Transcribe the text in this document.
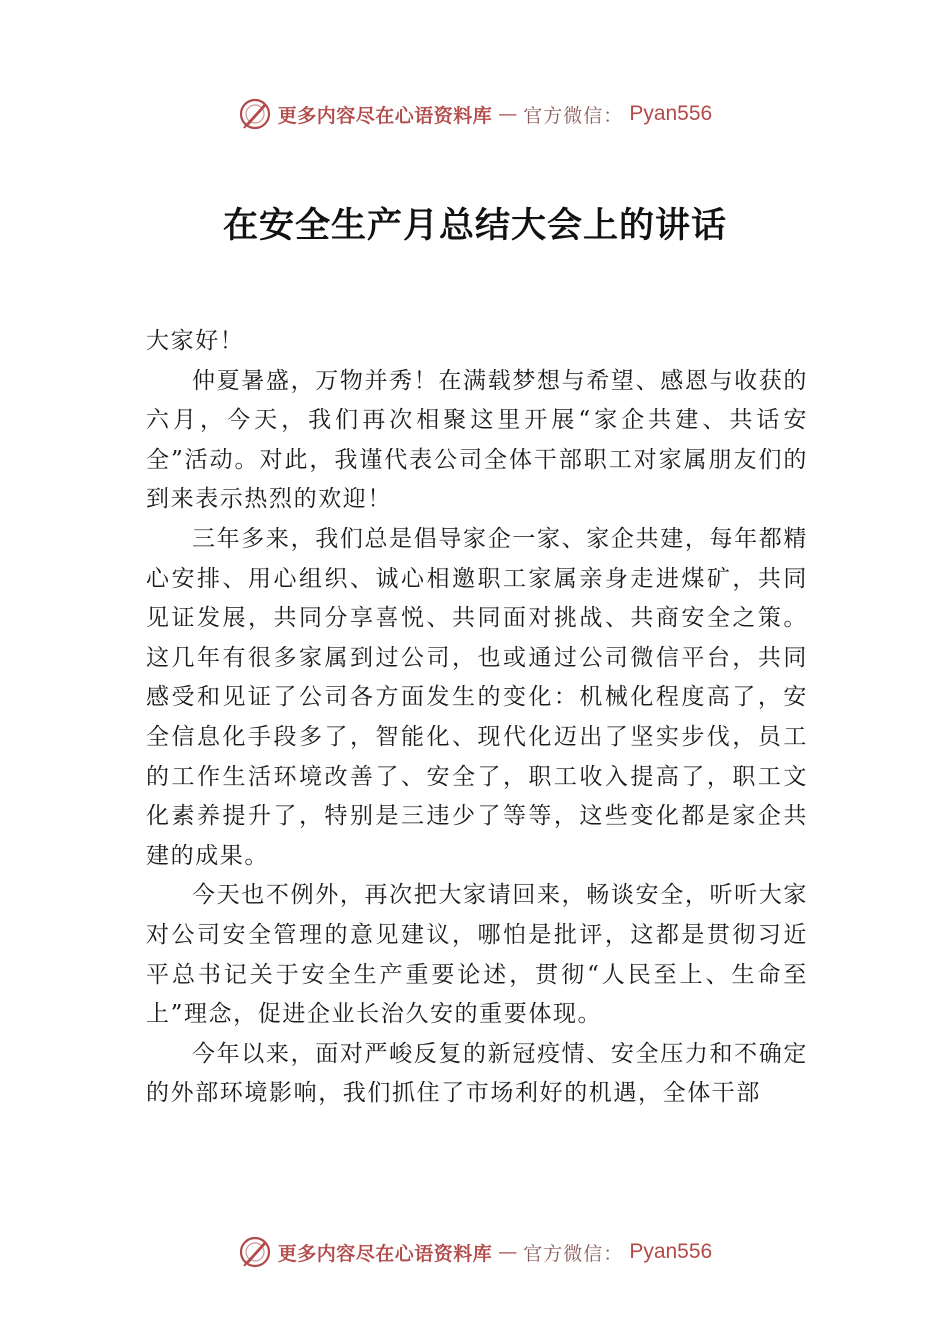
更多内容尽在心语资料库 — 官方微信： Pyan556
在安全生产月总结大会上的讲话

大家好！

仲夏暑盛，万物并秀！在满载梦想与希望、感恩与收获的六月，今天，我们再次相聚这里开展“家企共建、共话安全”活动。对此，我谨代表公司全体干部职工对家属朋友们的到来表示热烈的欢迎！

三年多来，我们总是倡导家企一家、家企共建，每年都精心安排、用心组织、诚心相邀职工家属亲身走进煤矿，共同见证发展，共同分享喜悦、共同面对挑战、共商安全之策。这几年有很多家属到过公司，也或通过公司微信平台，共同感受和见证了公司各方面发生的变化：机械化程度高了，安全信息化手段多了，智能化、现代化迈出了坚实步伐，员工的工作生活环境改善了、安全了，职工收入提高了，职工文化素养提升了，特别是三违少了等等，这些变化都是家企共建的成果。

今天也不例外，再次把大家请回来，畅谈安全，听听大家对公司安全管理的意见建议，哪怕是批评，这都是贯彻习近平总书记关于安全生产重要论述，贯彻“人民至上、生命至上”理念，促进企业长治久安的重要体现。

今年以来，面对严峻反复的新冠疫情、安全压力和不确定的外部环境影响，我们抓住了市场利好的机遇，全体干部

更多内容尽在心语资料库 — 官方微信： Pyan556
